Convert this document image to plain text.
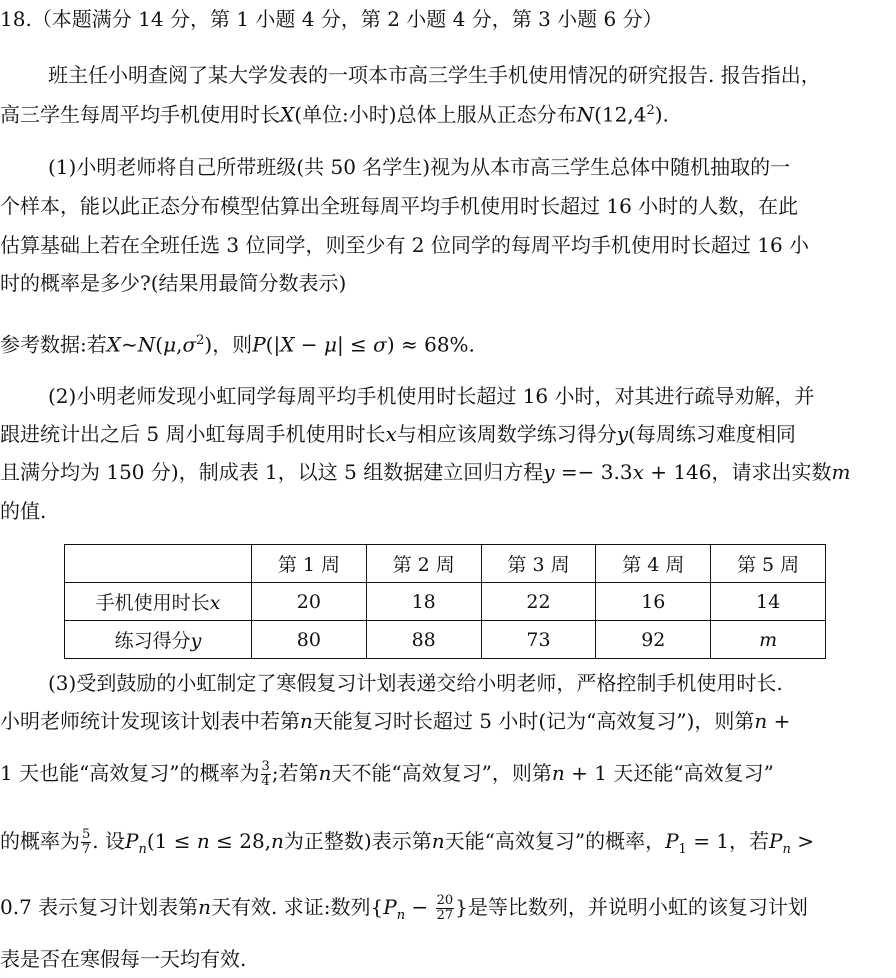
18.（本题满分 14 分，第 1 小题 4 分，第 2 小题 4 分，第 3 小题 6 分）
班主任小明查阅了某大学发表的一项本市高三学生手机使用情况的研究报告. 报告指出，
高三学生每周平均手机使用时长X(单位:小时)总体上服从正态分布N(12,4$^2$).
(1)小明老师将自己所带班级(共 50 名学生)视为从本市高三学生总体中随机抽取的一
个样本，能以此正态分布模型估算出全班每周平均手机使用时长超过 16 小时的人数，在此
估算基础上若在全班任选 3 位同学，则至少有 2 位同学的每周平均手机使用时长超过 16 小
时的概率是多少?(结果用最简分数表示)
参考数据:若$X\sim N(\mu,\sigma^2)$，则P(|X − μ| ≤ σ) ≈ 68%.
(2)小明老师发现小虹同学每周平均手机使用时长超过 16 小时，对其进行疏导劝解，并
跟进统计出之后 5 周小虹每周手机使用时长x与相应该周数学练习得分y(每周练习难度相同
且满分均为 150 分)，制成表 1，以这 5 组数据建立回归方程y =− 3.3x + 146，请求出实数m
的值.
	第 1 周	第 2 周	第 3 周	第 4 周	第 5 周
手机使用时长x	20	18	22	16	14
练习得分y	80	88	73	92	m
(3)受到鼓励的小虹制定了寒假复习计划表递交给小明老师，严格控制手机使用时长.
小明老师统计发现该计划表中若第n天能复习时长超过 5 小时(记为“高效复习”)，则第n +
1 天也能“高效复习”的概率为 $\frac{3}{4}$ ;若第n天不能“高效复习”，则第n + 1 天还能“高效复习”
的概率为 $\frac{5}{7}$ . 设$P_n(1 \le n \le 28,n$为正整数)表示第n天能“高效复习”的概率，$P_1 = 1$，若$P_n$ >
0.7 表示复习计划表第n天有效. 求证:数列{$P_n - \frac{20}{27}$ }是等比数列，并说明小虹的该复习计划
表是否在寒假每一天均有效.
